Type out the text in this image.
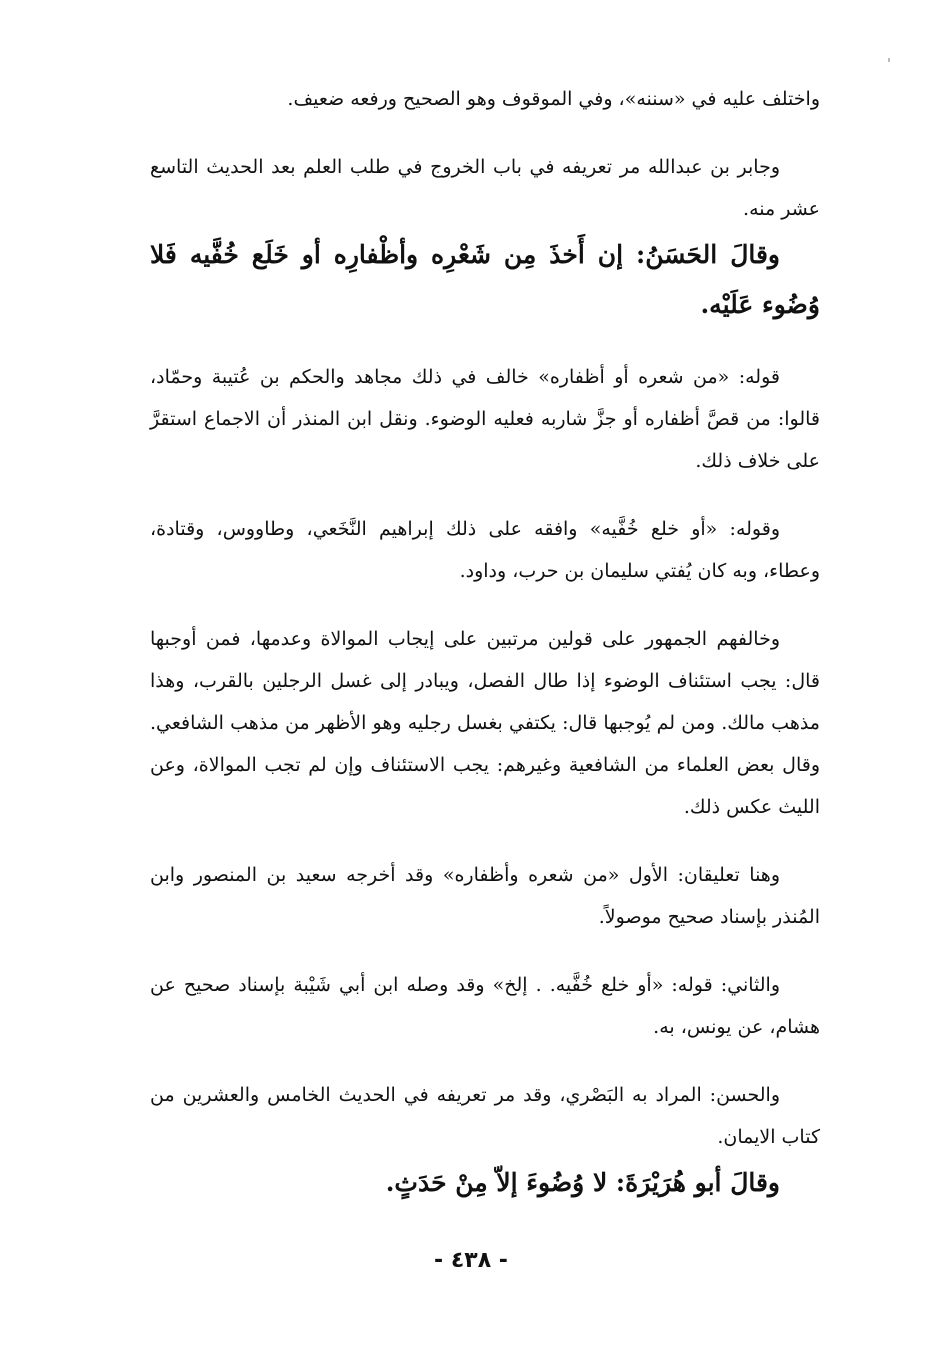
واختلف عليه في «سننه»، وفي الموقوف وهو الصحيح ورفعه ضعيف.

وجابر بن عبدالله مر تعريفه في باب الخروج في طلب العلم بعد الحديث التاسع عشر منه.

وقالَ الحَسَنُ: إن أَخذَ مِن شَعْرِه وأظْفارِه أو خَلَع خُفَّيه فَلا وُضُوء عَلَيْه.

قوله: «من شعره أو أظفاره» خالف في ذلك مجاهد والحكم بن عُتيبة وحمّاد، قالوا: من قصَّ أظفاره أو جزَّ شاربه فعليه الوضوء. ونقل ابن المنذر أن الاجماع استقرَّ على خلاف ذلك.

وقوله: «أو خلع خُفَّيه» وافقه على ذلك إبراهيم النَّخَعي، وطاووس، وقتادة، وعطاء، وبه كان يُفتي سليمان بن حرب، وداود.

وخالفهم الجمهور على قولين مرتبين على إيجاب الموالاة وعدمها، فمن أوجبها قال: يجب استئناف الوضوء إذا طال الفصل، ويبادر إلى غسل الرجلين بالقرب، وهذا مذهب مالك. ومن لم يُوجبها قال: يكتفي بغسل رجليه وهو الأظهر من مذهب الشافعي. وقال بعض العلماء من الشافعية وغيرهم: يجب الاستئناف وإن لم تجب الموالاة، وعن الليث عكس ذلك.

وهنا تعليقان: الأول «من شعره وأظفاره» وقد أخرجه سعيد بن المنصور وابن المُنذر بإسناد صحيح موصولاً.

والثاني: قوله: «أو خلع خُفَّيه. . إلخ» وقد وصله ابن أبي شَيْبة بإسناد صحيح عن هشام، عن يونس، به.

والحسن: المراد به البَصْري، وقد مر تعريفه في الحديث الخامس والعشرين من كتاب الايمان.

وقالَ أبو هُرَيْرَةَ: لا وُضُوءَ إلاّ مِنْ حَدَثٍ.

- ٤٣٨ -
